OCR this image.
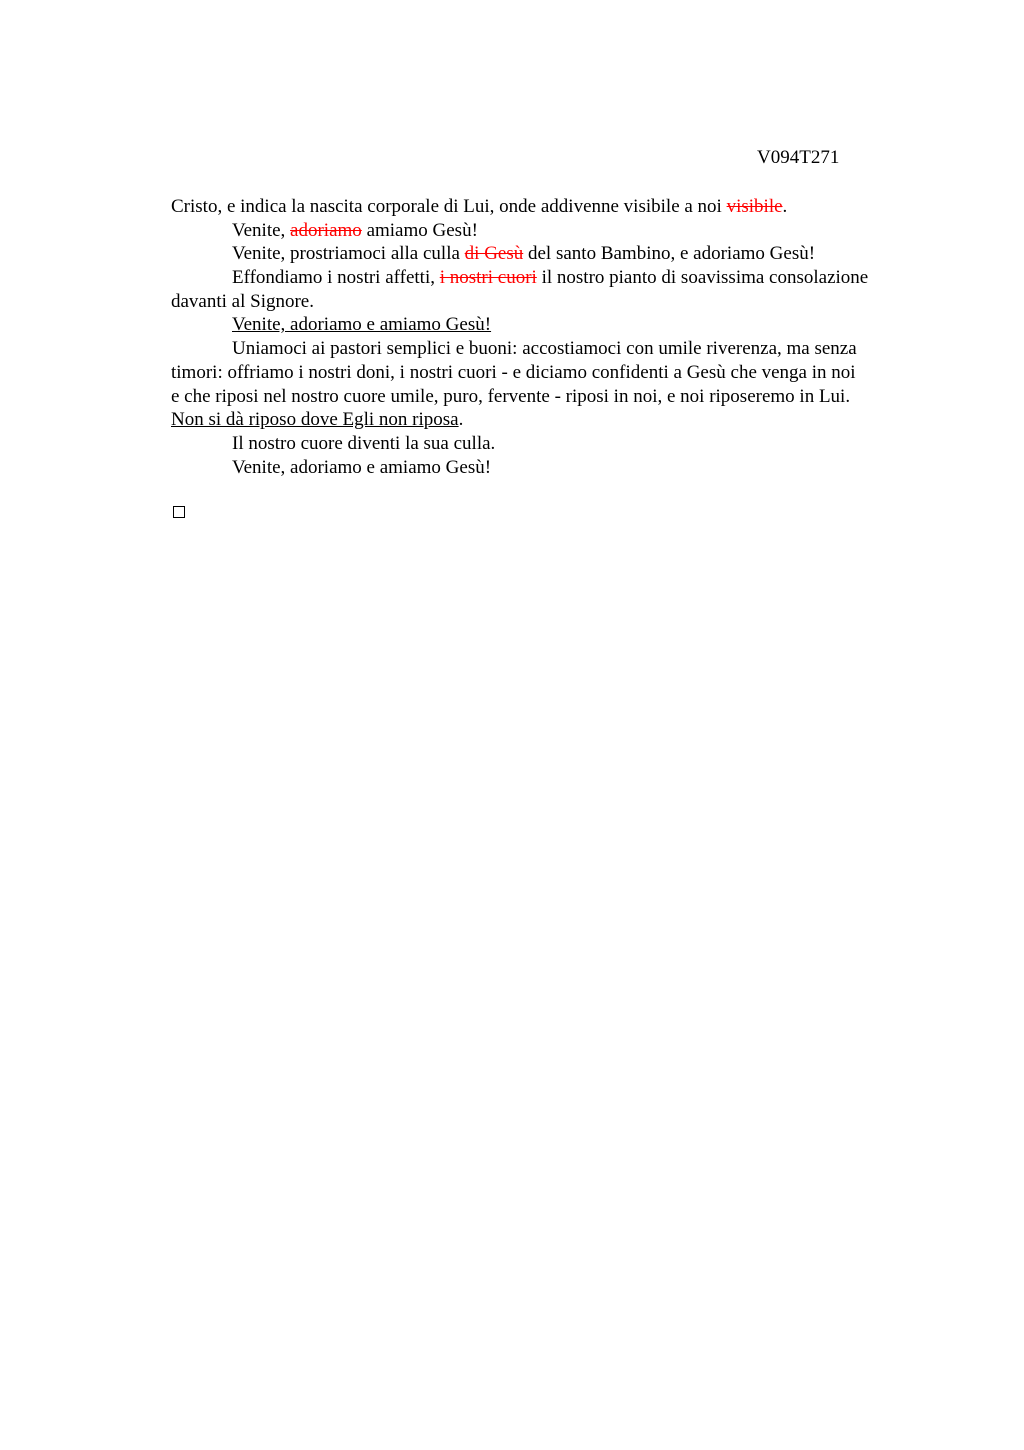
V094T271
Cristo, e indica la nascita corporale di Lui, onde addivenne visibile a noi visibile.
Venite, adoriamo amiamo Gesù!
Venite, prostriamoci alla culla di Gesù del santo Bambino, e adoriamo Gesù!
Effondiamo i nostri affetti, i nostri cuori il nostro pianto di soavissima consolazione
davanti al Signore.
Venite, adoriamo e amiamo Gesù!
Uniamoci ai pastori semplici e buoni: accostiamoci con umile riverenza, ma senza
timori: offriamo i nostri doni, i nostri cuori - e diciamo confidenti a Gesù che venga in noi
e che riposi nel nostro cuore umile, puro, fervente - riposi in noi, e noi riposeremo in Lui.
Non si dà riposo dove Egli non riposa.
Il nostro cuore diventi la sua culla.
Venite, adoriamo e amiamo Gesù!
